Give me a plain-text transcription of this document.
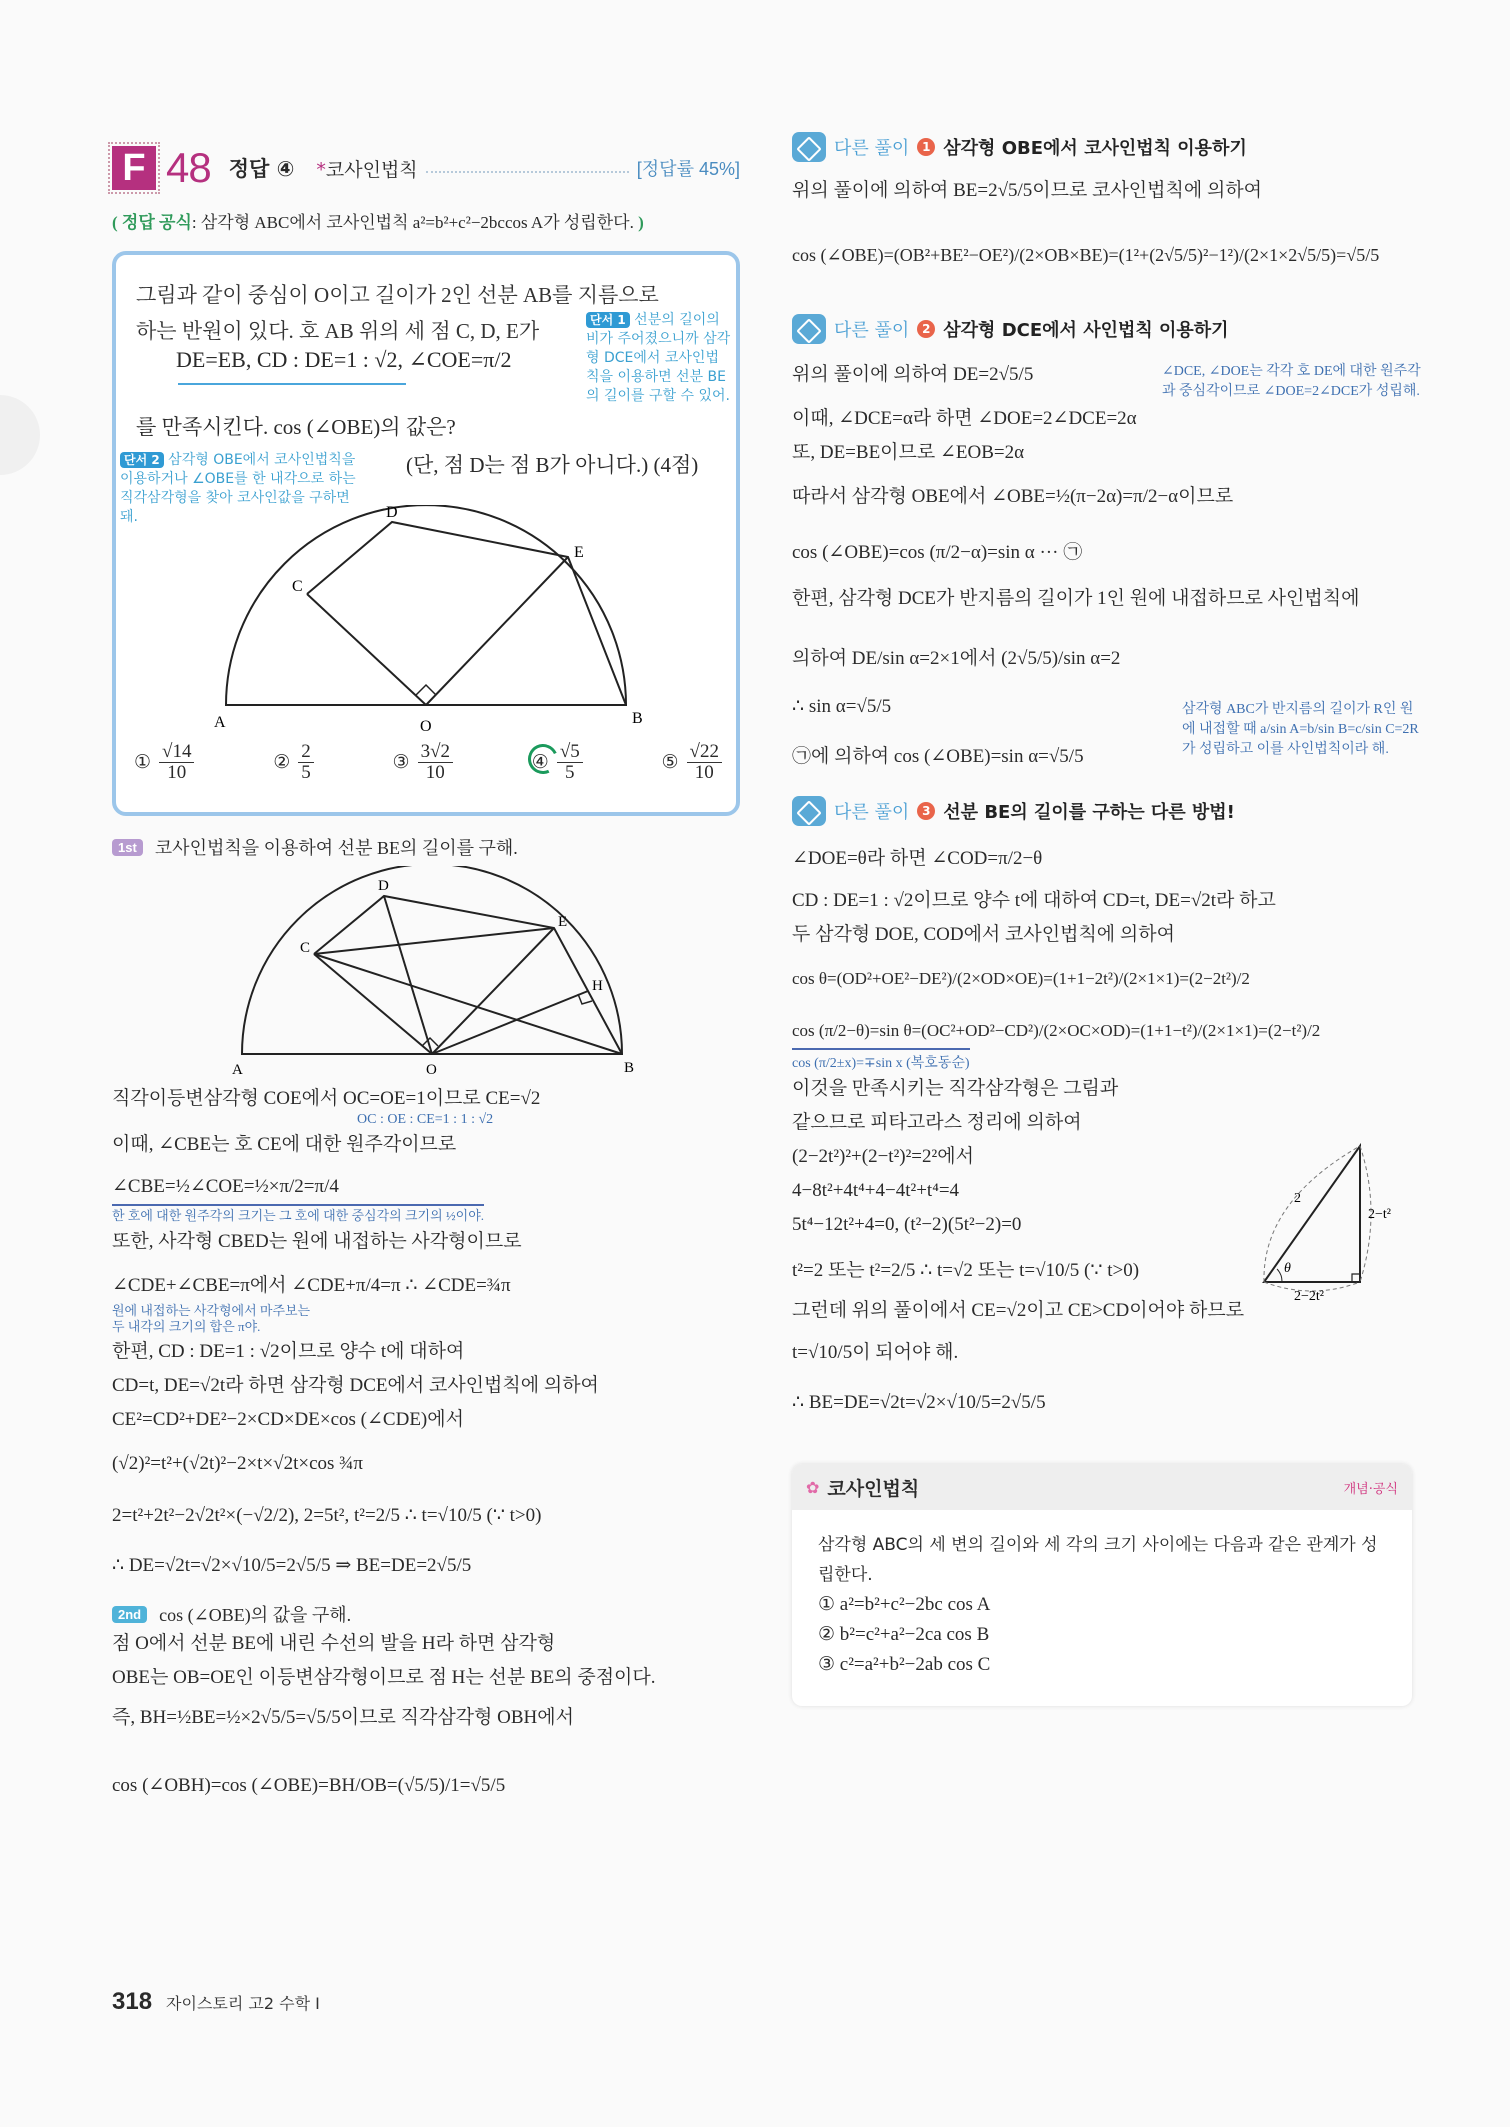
F 48 정답 ④ *코사인법칙	[정답률 45%]
( 정답 공식: 삼각형 ABC에서 코사인법칙 a²=b²+c²−2bccos A가 성립한다. )
그림과 같이 중심이 O이고 길이가 2인 선분 AB를 지름으로
하는 반원이 있다. 호 AB 위의 세 점 C, D, E가
DE=EB, CD : DE=1 : √2, ∠COE=π/2
를 만족시킨다. cos (∠OBE)의 값은?
(단, 점 D는 점 B가 아니다.) (4점)
단서 1 선분의 길이의 비가 주어졌으니까 삼각형 DCE에서 코사인법칙을 이용하면 선분 BE의 길이를 구할 수 있어.
단서 2 삼각형 OBE에서 코사인법칙을 이용하거나 ∠OBE를 한 내각으로 하는 직각삼각형을 찾아 코사인값을 구하면 돼.
A	O	B
C
D
E
① $\frac{√14}{10}$	② $\frac{2}{5}$	③ $\frac{3√2}{10}$	④ $\frac{√5}{5}$	⑤ $\frac{√22}{10}$
1st	코사인법칙을 이용하여 선분 BE의 길이를 구해.
A	O	B
C
D
E
H
직각이등변삼각형 COE에서 OC=OE=1이므로 CE=√2
OC : OE : CE=1 : 1 : √2
이때, ∠CBE는 호 CE에 대한 원주각이므로
∠CBE=½∠COE=½×π/2=π/4
한 호에 대한 원주각의 크기는 그 호에 대한 중심각의 크기의 ½이야.
또한, 사각형 CBED는 원에 내접하는 사각형이므로
∠CDE+∠CBE=π에서 ∠CDE+π/4=π ∴ ∠CDE=¾π
원에 내접하는 사각형에서 마주보는
두 내각의 크기의 합은 π야.
한편, CD : DE=1 : √2이므로 양수 t에 대하여
CD=t, DE=√2t라 하면 삼각형 DCE에서 코사인법칙에 의하여
CE²=CD²+DE²−2×CD×DE×cos (∠CDE)에서
(√2)²=t²+(√2t)²−2×t×√2t×cos ¾π
2=t²+2t²−2√2t²×(−√2/2), 2=5t², t²=2/5 ∴ t=√10/5 (∵ t>0)
∴ DE=√2t=√2×√10/5=2√5/5 ⇒ BE=DE=2√5/5
2nd	cos (∠OBE)의 값을 구해.
점 O에서 선분 BE에 내린 수선의 발을 H라 하면 삼각형
OBE는 OB=OE인 이등변삼각형이므로 점 H는 선분 BE의 중점이다.
즉, BH=½BE=½×2√5/5=√5/5이므로 직각삼각형 OBH에서
cos (∠OBH)=cos (∠OBE)=BH/OB=(√5/5)/1=√5/5
다른 풀이	1 삼각형 OBE에서 코사인법칙 이용하기
위의 풀이에 의하여 BE=2√5/5이므로 코사인법칙에 의하여
cos (∠OBE)=(OB²+BE²−OE²)/(2×OB×BE)=(1²+(2√5/5)²−1²)/(2×1×2√5/5)=√5/5
다른 풀이	2 삼각형 DCE에서 사인법칙 이용하기
∠DCE, ∠DOE는 각각 호 DE에 대한 원주각과 중심각이므로 ∠DOE=2∠DCE가 성립해.
위의 풀이에 의하여 DE=2√5/5
이때, ∠DCE=α라 하면 ∠DOE=2∠DCE=2α
또, DE=BE이므로 ∠EOB=2α
따라서 삼각형 OBE에서 ∠OBE=½(π−2α)=π/2−α이므로
cos (∠OBE)=cos (π/2−α)=sin α ··· ㉠
한편, 삼각형 DCE가 반지름의 길이가 1인 원에 내접하므로 사인법칙에
삼각형 ABC가 반지름의 길이가 R인 원에 내접할 때 a/sin A=b/sin B=c/sin C=2R가 성립하고 이를 사인법칙이라 해.
의하여 DE/sin α=2×1에서 (2√5/5)/sin α=2
∴ sin α=√5/5
㉠에 의하여 cos (∠OBE)=sin α=√5/5
다른 풀이	3 선분 BE의 길이를 구하는 다른 방법!
∠DOE=θ라 하면 ∠COD=π/2−θ
CD : DE=1 : √2이므로 양수 t에 대하여 CD=t, DE=√2t라 하고
두 삼각형 DOE, COD에서 코사인법칙에 의하여
cos θ=(OD²+OE²−DE²)/(2×OD×OE)=(1+1−2t²)/(2×1×1)=(2−2t²)/2
cos (π/2−θ)=sin θ=(OC²+OD²−CD²)/(2×OC×OD)=(1+1−t²)/(2×1×1)=(2−t²)/2
cos (π/2±x)=∓sin x (복호동순)
이것을 만족시키는 직각삼각형은 그림과
같으므로 피타고라스 정리에 의하여
(2−2t²)²+(2−t²)²=2²에서
4−8t²+4t⁴+4−4t²+t⁴=4
5t⁴−12t²+4=0, (t²−2)(5t²−2)=0
θ
2
2−t²
2−2t²
t²=2 또는 t²=2/5 ∴ t=√2 또는 t=√10/5 (∵ t>0)
그런데 위의 풀이에서 CE=√2이고 CE>CD이어야 하므로
t=√10/5이 되어야 해.
∴ BE=DE=√2t=√2×√10/5=2√5/5
✿ 코사인법칙	개념·공식
삼각형 ABC의 세 변의 길이와 세 각의 크기 사이에는 다음과 같은 관계가 성립한다.
① a²=b²+c²−2bc cos A
② b²=c²+a²−2ca cos B
③ c²=a²+b²−2ab cos C
318 자이스토리 고2 수학 I
